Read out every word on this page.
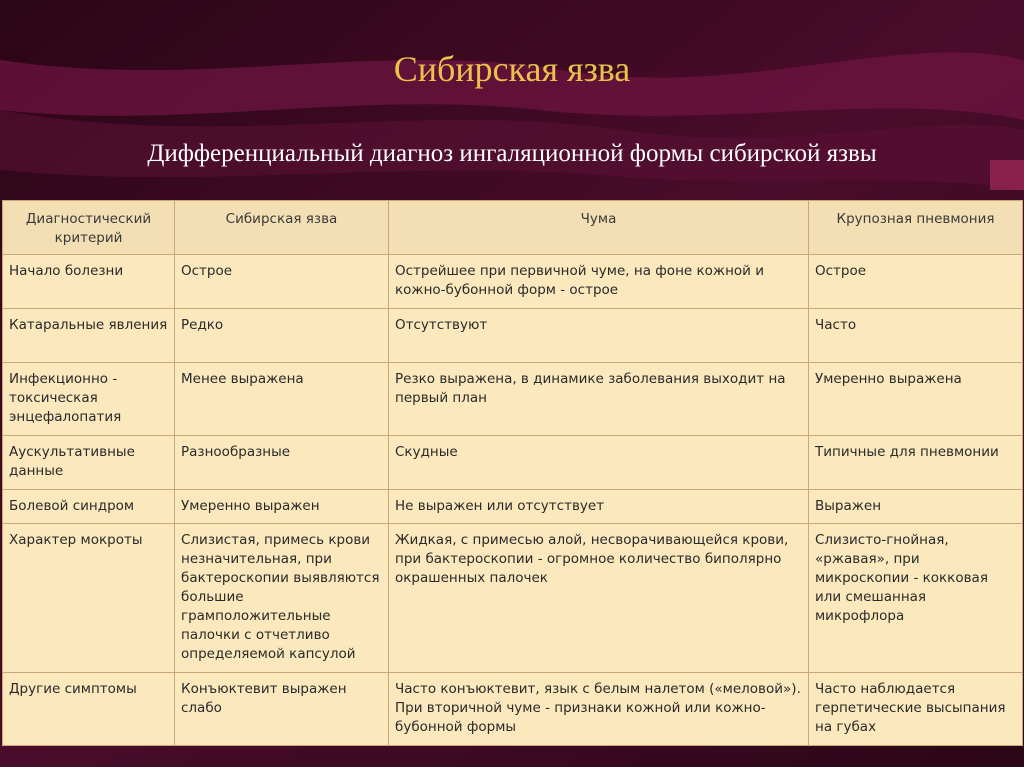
Сибирская язва
Дифференциальный диагноз ингаляционной формы сибирской язвы
Диагностический критерий	Сибирская язва	Чума	Крупозная пневмония
Начало болезни	Острое	Острейшее при первичной чуме, на фоне кожной и кожно-бубонной форм - острое	Острое
Катаральные явления	Редко	Отсутствуют	Часто
Инфекционно - токсическая энцефалопатия	Менее выражена	Резко выражена, в динамике заболевания выходит на первый план	Умеренно выражена
Аускультативные данные	Разнообразные	Скудные	Типичные для пневмонии
Болевой синдром	Умеренно выражен	Не выражен или отсутствует	Выражен
Характер мокроты	Слизистая, примесь крови незначительная, при бактероскопии выявляются большие грамположительные палочки с отчетливо определяемой капсулой	Жидкая, с примесью алой, несворачивающейся крови, при бактероскопии - огромное количество биполярно окрашенных палочек	Слизисто-гнойная, «ржавая», при микроскопии - кокковая или смешанная микрофлора
Другие симптомы	Конъюктевит выражен слабо	Часто конъюктевит, язык с белым налетом («меловой»). При вторичной чуме - признаки кожной или кожно-бубонной формы	Часто наблюдается герпетические высыпания на губах
